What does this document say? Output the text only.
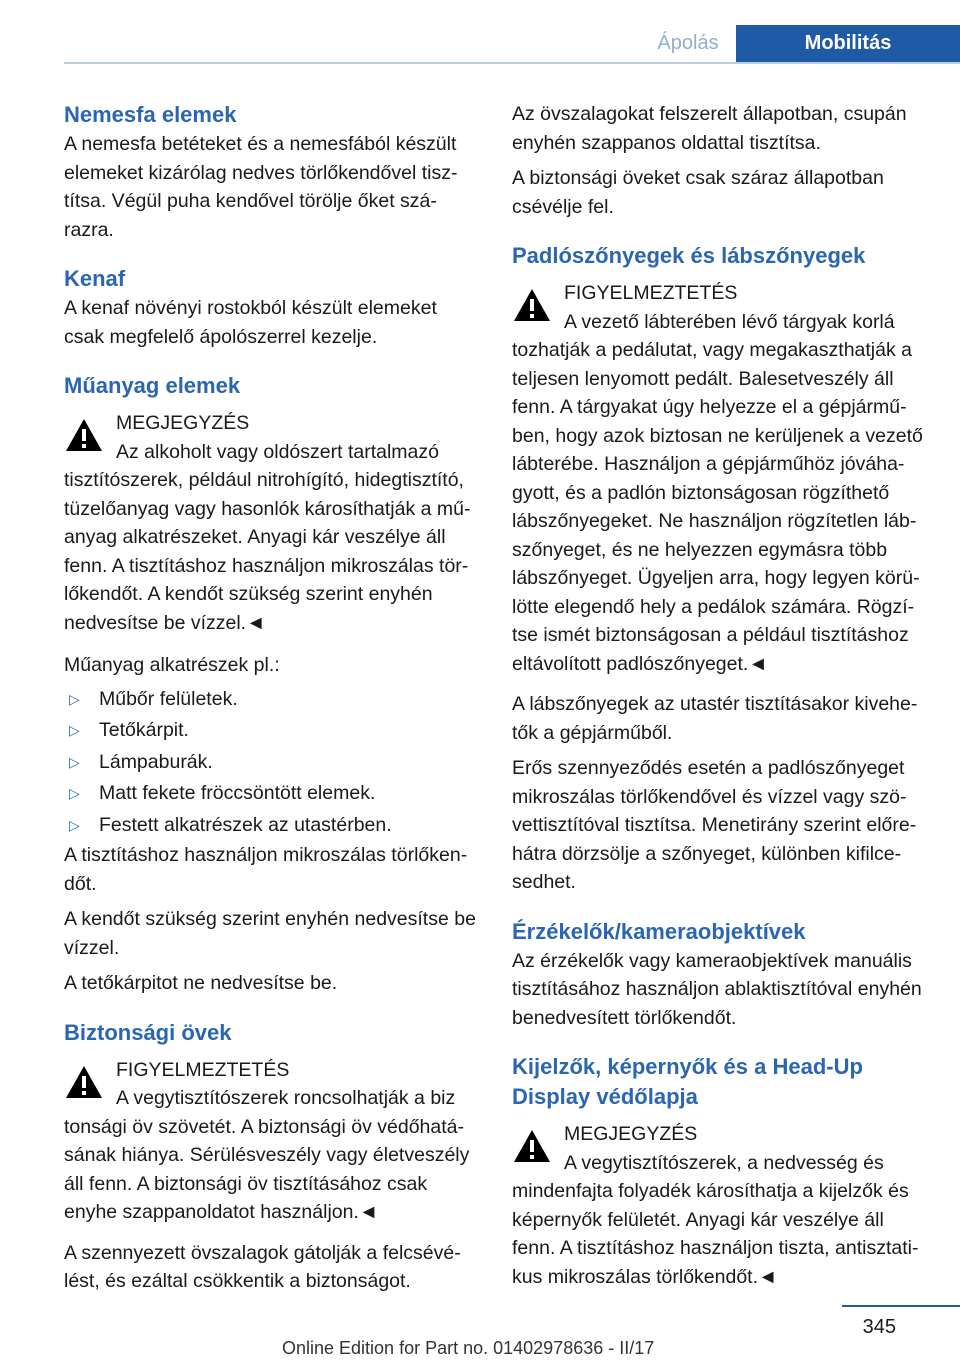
Ápolás	Mobilitás
Nemesfa elemek

A nemesfa betéteket és a nemesfából készült elemeket kizárólag nedves törlőkendővel tisztítsa. Végül puha kendővel törölje őket szárazra.

Kenaf

A kenaf növényi rostokból készült elemeket csak megfelelő ápolószerrel kezelje.

Műanyag elemek
MEGJEGYZÉS
Az alkoholt vagy oldószert tartalmazó
tisztítószerek, például nitrohígító, hidegtisztító, tüzelőanyag vagy hasonlók károsíthatják a műanyag alkatrészeket. Anyagi kár veszélye áll fenn. A tisztításhoz használjon mikroszálas törlőkendőt. A kendőt szükség szerint enyhén nedvesítse be vízzel.◄

Műanyag alkatrészek pl.:

▷ Műbőr felületek.
▷ Tetőkárpit.
▷ Lámpaburák.
▷ Matt fekete fröccsöntött elemek.
▷ Festett alkatrészek az utastérben.

A tisztításhoz használjon mikroszálas törlőkendőt.

A kendőt szükség szerint enyhén nedvesítse be vízzel.

A tetőkárpitot ne nedvesítse be.

Biztonsági övek
FIGYELMEZTETÉS
A vegytisztítószerek roncsolhatják a biz
tonsági öv szövetét. A biztonsági öv védőhatásának hiánya. Sérülésveszély vagy életveszély áll fenn. A biztonsági öv tisztításához csak enyhe szappanoldatot használjon.◄

A szennyezett övszalagok gátolják a felcsévélést, és ezáltal csökkentik a biztonságot.

Az övszalagokat felszerelt állapotban, csupán enyhén szappanos oldattal tisztítsa.

A biztonsági öveket csak száraz állapotban csévélje fel.

Padlószőnyegek és lábszőnyegek
FIGYELMEZTETÉS
A vezető lábterében lévő tárgyak korlá
tozhatják a pedálutat, vagy megakaszthatják a teljesen lenyomott pedált. Balesetveszély áll fenn. A tárgyakat úgy helyezze el a gépjárműben, hogy azok biztosan ne kerüljenek a vezető lábterébe. Használjon a gépjárműhöz jóváhagyott, és a padlón biztonságosan rögzíthető lábszőnyegeket. Ne használjon rögzítetlen lábszőnyeget, és ne helyezzen egymásra több lábszőnyeget. Ügyeljen arra, hogy legyen körülötte elegendő hely a pedálok számára. Rögzítse ismét biztonságosan a például tisztításhoz eltávolított padlószőnyeget.◄

A lábszőnyegek az utastér tisztításakor kivehetők a gépjárműből.

Erős szennyeződés esetén a padlószőnyeget mikroszálas törlőkendővel és vízzel vagy szövettisztítóval tisztítsa. Menetirány szerint előre-hátra dörzsölje a szőnyeget, különben kifilcesedhet.

Érzékelők/kameraobjektívek

Az érzékelők vagy kameraobjektívek manuális tisztításához használjon ablaktisztítóval enyhén benedvesített törlőkendőt.

Kijelzők, képernyők és a Head-Up Display védőlapja
MEGJEGYZÉS
A vegytisztítószerek, a nedvesség és
mindenfajta folyadék károsíthatja a kijelzők és képernyők felületét. Anyagi kár veszélye áll fenn. A tisztításhoz használjon tiszta, antisztatikus mikroszálas törlőkendőt.◄
345
Online Edition for Part no. 01402978636 - II/17
